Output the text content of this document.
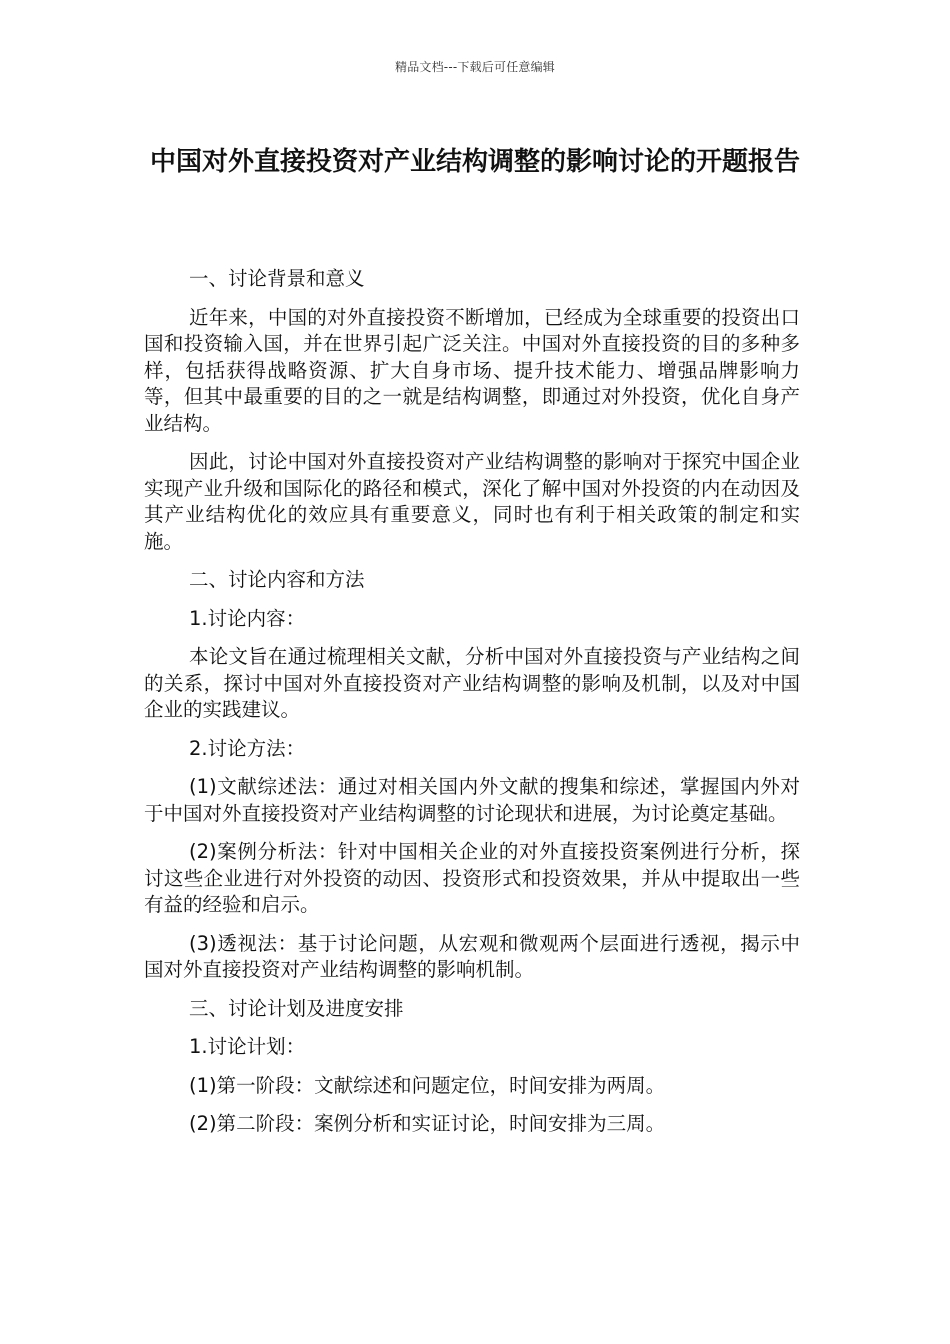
精品文档---下载后可任意编辑
中国对外直接投资对产业结构调整的影响讨论的开题报告

一、讨论背景和意义

近年来，中国的对外直接投资不断增加，已经成为全球重要的投资出口国和投资输入国，并在世界引起广泛关注。中国对外直接投资的目的多种多样，包括获得战略资源、扩大自身市场、提升技术能力、增强品牌影响力等，但其中最重要的目的之一就是结构调整，即通过对外投资，优化自身产业结构。

因此，讨论中国对外直接投资对产业结构调整的影响对于探究中国企业实现产业升级和国际化的路径和模式，深化了解中国对外投资的内在动因及其产业结构优化的效应具有重要意义，同时也有利于相关政策的制定和实施。

二、讨论内容和方法

1.讨论内容：

本论文旨在通过梳理相关文献，分析中国对外直接投资与产业结构之间的关系，探讨中国对外直接投资对产业结构调整的影响及机制，以及对中国企业的实践建议。

2.讨论方法：

(1)文献综述法：通过对相关国内外文献的搜集和综述，掌握国内外对于中国对外直接投资对产业结构调整的讨论现状和进展，为讨论奠定基础。

(2)案例分析法：针对中国相关企业的对外直接投资案例进行分析，探讨这些企业进行对外投资的动因、投资形式和投资效果，并从中提取出一些有益的经验和启示。

(3)透视法：基于讨论问题，从宏观和微观两个层面进行透视，揭示中国对外直接投资对产业结构调整的影响机制。

三、讨论计划及进度安排

1.讨论计划：

(1)第一阶段：文献综述和问题定位，时间安排为两周。

(2)第二阶段：案例分析和实证讨论，时间安排为三周。
